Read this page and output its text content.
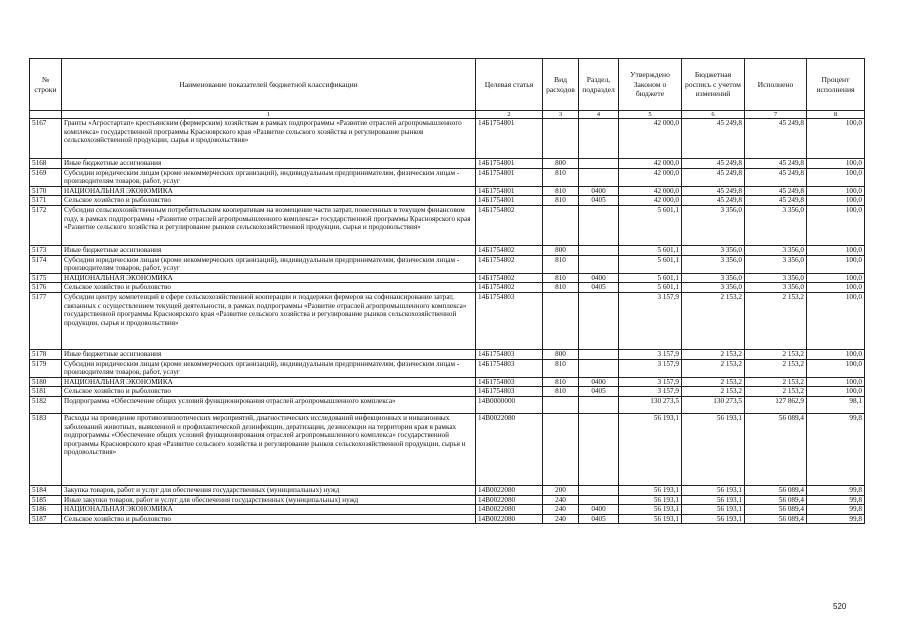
№ строки	Наименование показателей бюджетной классификации	Целевая статья	Вид расходов	Раздел, подраздел	Утверждено Законом о бюджете	Бюджетная роспись с учетом изменений	Исполнено	Процент исполнения
	1	2	3	4	5	6	7	8
5167	Гранты «Агростартап» крестьянским (фермерским) хозяйствам в рамках подпрограммы «Развитие отраслей агропромышленного комплекса» государственной программы Красноярского края «Развитие сельского хозяйства и регулирование рынков сельскохозяйственной продукции, сырья и продовольствия»	14Б1754801			42 000,0	45 249,8	45 249,8	100,0
5168	Иные бюджетные ассигнования	14Б1754801	800		42 000,0	45 249,8	45 249,8	100,0
5169	Субсидии юридическим лицам (кроме некоммерческих организаций), индивидуальным предпринимателям, физическим лицам - производителям товаров, работ, услуг	14Б1754801	810		42 000,0	45 249,8	45 249,8	100,0
5170	НАЦИОНАЛЬНАЯ ЭКОНОМИКА	14Б1754801	810	0400	42 000,0	45 249,8	45 249,8	100,0
5171	Сельское хозяйство и рыболовство	14Б1754801	810	0405	42 000,0	45 249,8	45 249,8	100,0
5172	Субсидии сельскохозяйственным потребительским кооперативам на возмещение части затрат, понесенных в текущем финансовом году, в рамках подпрограммы «Развитие отраслей агропромышленного комплекса» государственной программы Красноярского края «Развитие сельского хозяйства и регулирование рынков сельскохозяйственной продукции, сырья и продовольствия»	14Б1754802			5 601,1	3 356,0	3 356,0	100,0
5173	Иные бюджетные ассигнования	14Б1754802	800		5 601,1	3 356,0	3 356,0	100,0
5174	Субсидии юридическим лицам (кроме некоммерческих организаций), индивидуальным предпринимателям, физическим лицам - производителям товаров, работ, услуг	14Б1754802	810		5 601,1	3 356,0	3 356,0	100,0
5175	НАЦИОНАЛЬНАЯ ЭКОНОМИКА	14Б1754802	810	0400	5 601,1	3 356,0	3 356,0	100,0
5176	Сельское хозяйство и рыболовство	14Б1754802	810	0405	5 601,1	3 356,0	3 356,0	100,0
5177	Субсидии центру компетенций в сфере сельскохозяйственной кооперации и поддержки фермеров на софинансирование затрат, связанных с осуществлением текущей деятельности, в рамках подпрограммы «Развитие отраслей агропромышленного комплекса» государственной программы Красноярского края «Развитие сельского хозяйства и регулирование рынков сельскохозяйственной продукции, сырья и продовольствия»	14Б1754803			3 157,9	2 153,2	2 153,2	100,0
5178	Иные бюджетные ассигнования	14Б1754803	800		3 157,9	2 153,2	2 153,2	100,0
5179	Субсидии юридическим лицам (кроме некоммерческих организаций), индивидуальным предпринимателям, физическим лицам - производителям товаров, работ, услуг	14Б1754803	810		3 157,9	2 153,2	2 153,2	100,0
5180	НАЦИОНАЛЬНАЯ ЭКОНОМИКА	14Б1754803	810	0400	3 157,9	2 153,2	2 153,2	100,0
5181	Сельское хозяйство и рыболовство	14Б1754803	810	0405	3 157,9	2 153,2	2 153,2	100,0
5182	Подпрограмма «Обеспечение общих условий функционирования отраслей агропромышленного комплекса»	14В0000000			130 273,5	130 273,5	127 862,9	98,1
5183	Расходы на проведение противоэпизоотических мероприятий, диагностических исследований инфекционных и инвазионных заболеваний животных, выявленной и профилактической дезинфекции, дератизации, дезинсекции на территории края в рамках подпрограммы «Обеспечение общих условий функционирования отраслей агропромышленного комплекса» государственной программы Красноярского края «Развитие сельского хозяйства и регулирование рынков сельскохозяйственной продукции, сырья и продовольствия»	14В0022080			56 193,1	56 193,1	56 089,4	99,8
5184	Закупка товаров, работ и услуг для обеспечения государственных (муниципальных) нужд	14В0022080	200		56 193,1	56 193,1	56 089,4	99,8
5185	Иные закупки товаров, работ и услуг для обеспечения государственных (муниципальных) нужд	14В0022080	240		56 193,1	56 193,1	56 089,4	99,8
5186	НАЦИОНАЛЬНАЯ ЭКОНОМИКА	14В0022080	240	0400	56 193,1	56 193,1	56 089,4	99,8
5187	Сельское хозяйство и рыболовство	14В0022080	240	0405	56 193,1	56 193,1	56 089,4	99,8
520
